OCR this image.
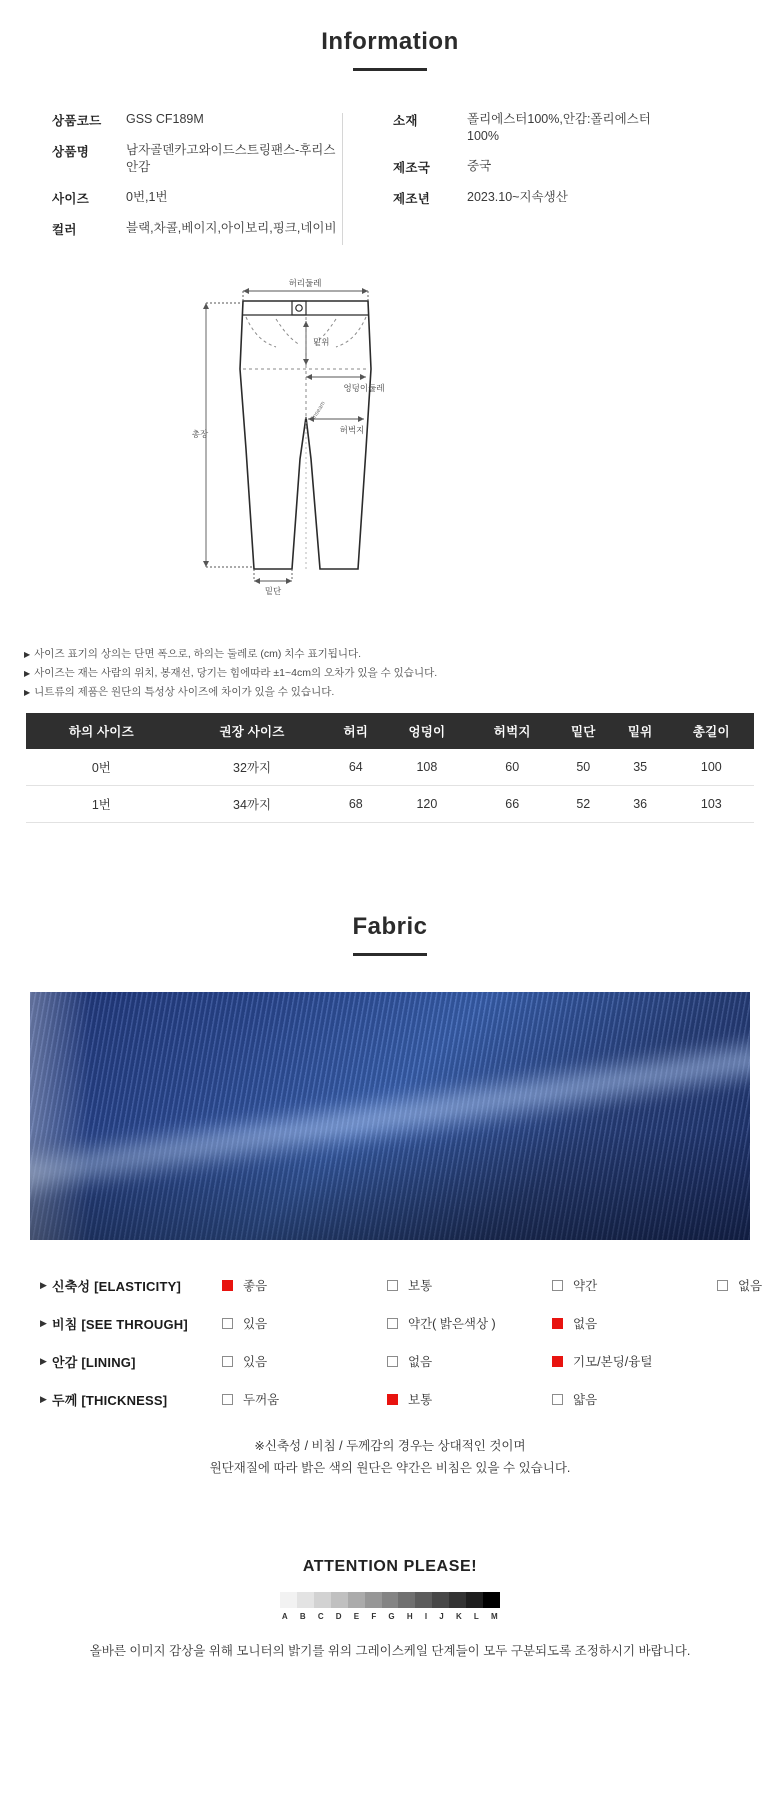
Information
상품코드	GSS CF189M
상품명	남자골덴카고와이드스트링팬스-후리스안감
사이즈	0번,1번
컬러	블랙,차콜,베이지,아이보리,핑크,네이비
소재	폴리에스터100%,안감:폴리에스터100%
제조국	중국
제조년	2023.10~지속생산
허리둘레
밑위
엉덩이둘레
허벅지
inseam
총장
밑단
▶ 사이즈 표기의 상의는 단면 폭으로, 하의는 둘레로 (cm) 치수 표기됩니다.
▶ 사이즈는 재는 사람의 위치, 봉재선, 당기는 힘에따라 ±1~4cm의 오차가 있을 수 있습니다.
▶ 니트류의 제품은 원단의 특성상 사이즈에 차이가 있을 수 있습니다.
하의 사이즈	권장 사이즈	허리	엉덩이	허벅지	밑단	밑위	총길이
0번	32까지	64	108	60	50	35	100
1번	34까지	68	120	66	52	36	103
Fabric
▶ 신축성 [ELASTICITY]	좋음	보통	약간	없음
▶ 비침 [SEE THROUGH]	있음	약간( 밝은색상 )	없음
▶ 안감 [LINING]	있음	없음	기모/본딩/융털
▶ 두께 [THICKNESS]	두꺼움	보통	얇음
※신축성 / 비침 / 두께감의 경우는 상대적인 것이며
원단재질에 따라 밝은 색의 원단은 약간은 비침은 있을 수 있습니다.
ATTENTION PLEASE!
A	B	C	D	E	F	G	H	I	J	K	L	M
올바른 이미지 감상을 위해 모니터의 밝기를 위의 그레이스케일 단계들이 모두 구분되도록 조정하시기 바랍니다.
